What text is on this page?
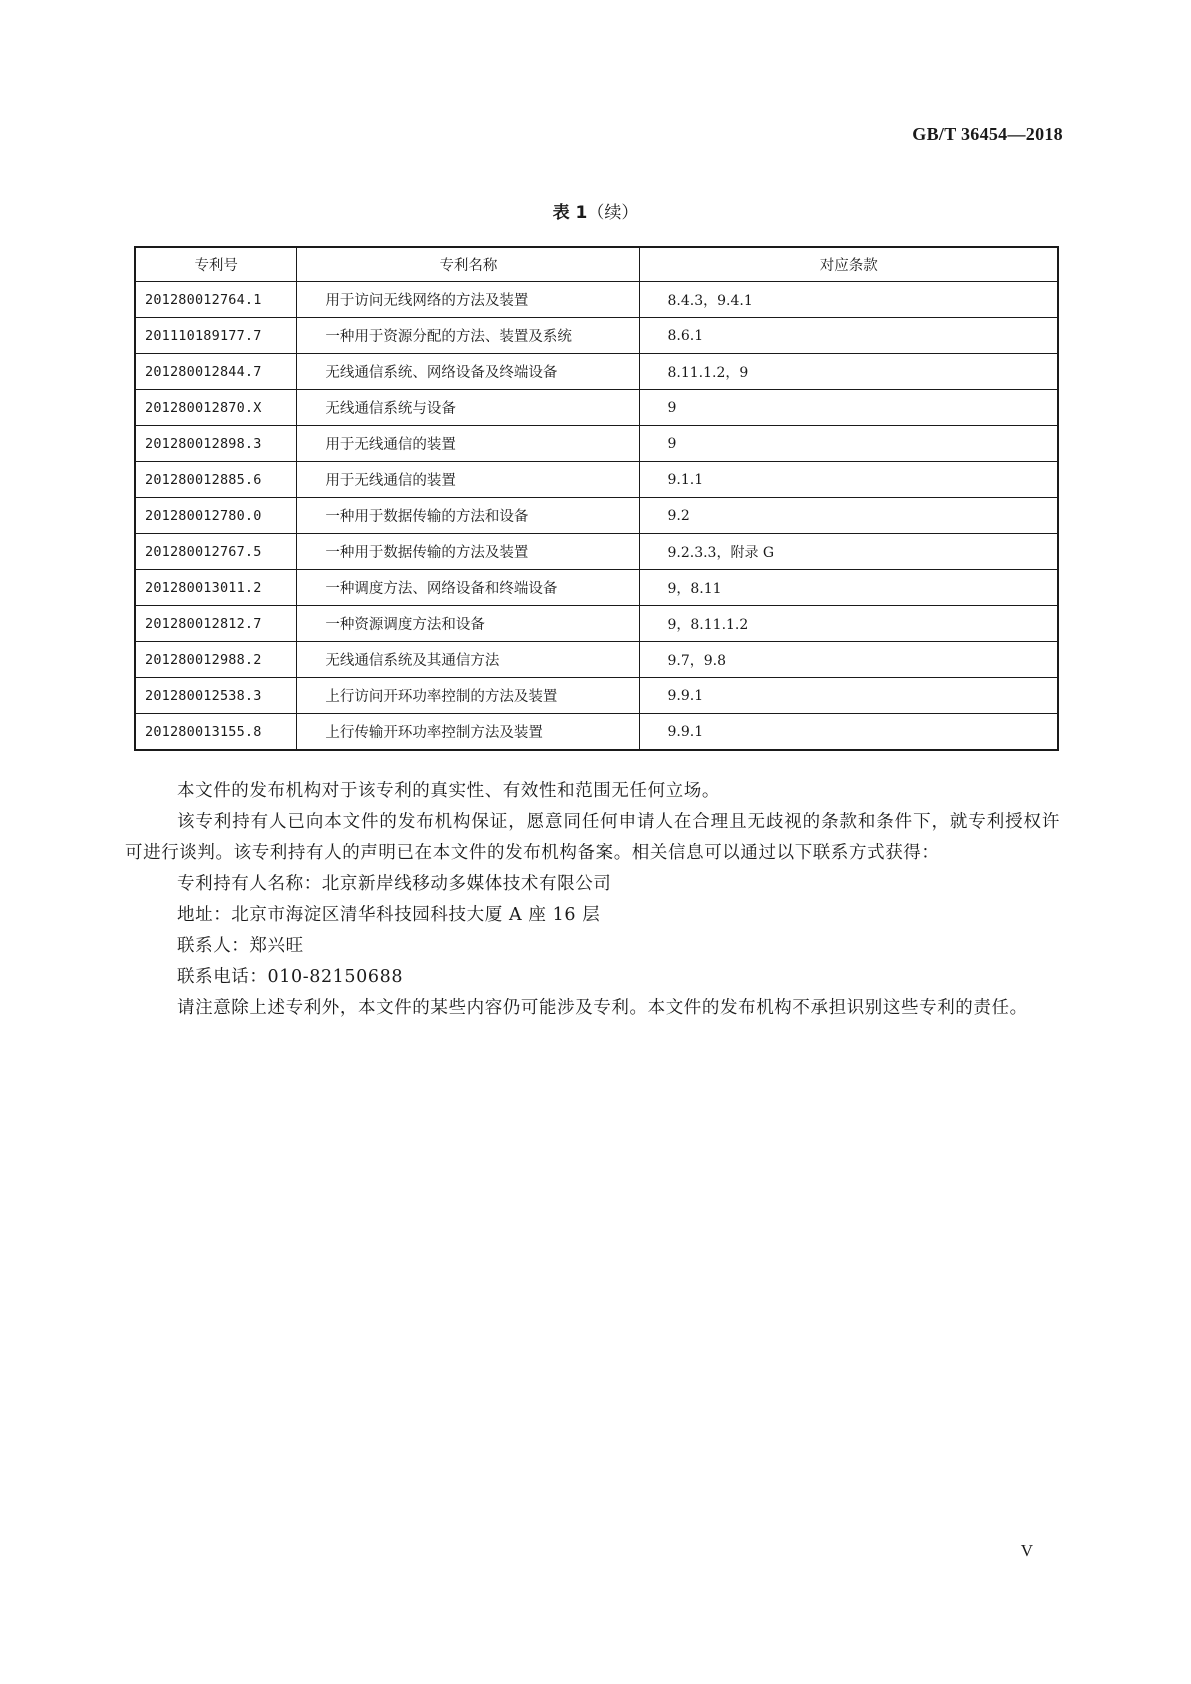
GB/T 36454—2018
表 1（续）
专利号	专利名称	对应条款
201280012764.1	用于访问无线网络的方法及装置	8.4.3，9.4.1
201110189177.7	一种用于资源分配的方法、装置及系统	8.6.1
201280012844.7	无线通信系统、网络设备及终端设备	8.11.1.2，9
201280012870.X	无线通信系统与设备	9
201280012898.3	用于无线通信的装置	9
201280012885.6	用于无线通信的装置	9.1.1
201280012780.0	一种用于数据传输的方法和设备	9.2
201280012767.5	一种用于数据传输的方法及装置	9.2.3.3，附录 G
201280013011.2	一种调度方法、网络设备和终端设备	9，8.11
201280012812.7	一种资源调度方法和设备	9，8.11.1.2
201280012988.2	无线通信系统及其通信方法	9.7，9.8
201280012538.3	上行访问开环功率控制的方法及装置	9.9.1
201280013155.8	上行传输开环功率控制方法及装置	9.9.1

本文件的发布机构对于该专利的真实性、有效性和范围无任何立场。

该专利持有人已向本文件的发布机构保证，愿意同任何申请人在合理且无歧视的条款和条件下，就专利授权许可进行谈判。该专利持有人的声明已在本文件的发布机构备案。相关信息可以通过以下联系方式获得：

专利持有人名称：北京新岸线移动多媒体技术有限公司

地址：北京市海淀区清华科技园科技大厦 A 座 16 层

联系人：郑兴旺

联系电话：010-82150688

请注意除上述专利外，本文件的某些内容仍可能涉及专利。本文件的发布机构不承担识别这些专利的责任。

V
